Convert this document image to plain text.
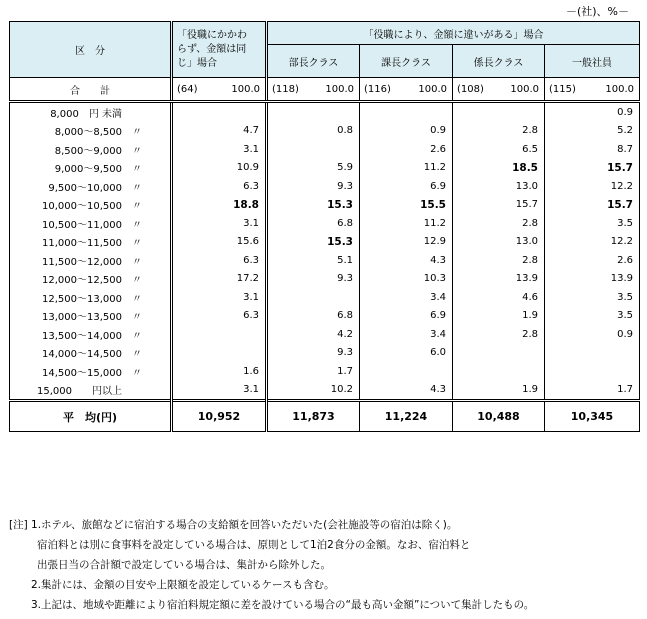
－(社)、%－
区　分	「役職にかかわ
らず、金額は同
じ」場合	「役職により、金額に違いがある」場合			
		部長クラス	課長クラス	係長クラス	一般社員
合　　計	(64) 100.0	(118) 100.0	(116) 100.0	(108) 100.0	(115) 100.0

8,000　円 未満					0.9

8,000～8,500 〃	4.7	0.8	0.9	2.8	5.2

8,500～9,000 〃	3.1		2.6	6.5	8.7

9,000～9,500 〃	10.9	5.9	11.2	18.5	15.7

9,500～10,000 〃	6.3	9.3	6.9	13.0	12.2

10,000～10,500 〃	18.8	15.3	15.5	15.7	15.7

10,500～11,000 〃	3.1	6.8	11.2	2.8	3.5

11,000～11,500 〃	15.6	15.3	12.9	13.0	12.2

11,500～12,000 〃	6.3	5.1	4.3	2.8	2.6

12,000～12,500 〃	17.2	9.3	10.3	13.9	13.9

12,500～13,000 〃	3.1		3.4	4.6	3.5

13,000～13,500 〃	6.3	6.8	6.9	1.9	3.5

13,500～14,000 〃		4.2	3.4	2.8	0.9

14,000～14,500 〃		9.3	6.0		

14,500～15,000 〃	1.6	1.7			

15,000　　円以上	3.1	10.2	4.3	1.9	1.7
平　均(円)	10,952	11,873	11,224	10,488	10,345
[注] 1.ホテル、旅館などに宿泊する場合の支給額を回答いただいた(会社施設等の宿泊は除く)。
宿泊料とは別に食事料を設定している場合は、原則として1泊2食分の金額。なお、宿泊料と
出張日当の合計額で設定している場合は、集計から除外した。
2.集計には、金額の目安や上限額を設定しているケースも含む。
3.上記は、地域や距離により宿泊料規定額に差を設けている場合の“最も高い金額”について集計したもの。
